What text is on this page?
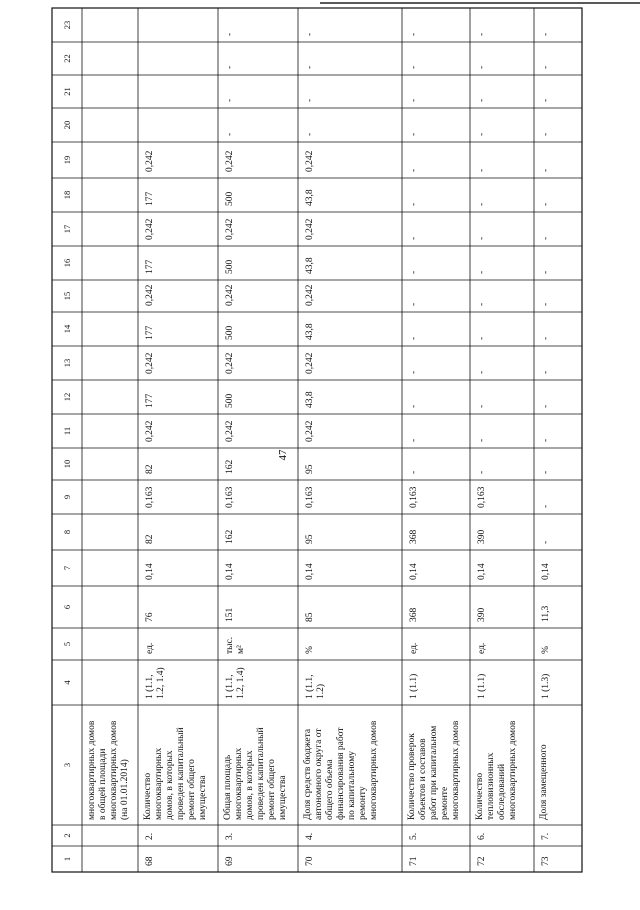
1
2
3
4
5
6
7
8
9
10
11
12
13
14
15
16
17
18
19
20
21
22
23
47
многоквартирных домов в общей площади многоквартирных домов (на 01.01.2014)
68
2.
Количество многоквартирных домов, в которых проведен капитальный ремонт общего имущества
1 (1.1, 1.2, 1.4)
ед.
76
0,14
82
0,163
82
0,242
177
0,242
177
0,242
177
0,242
177
0,242
69
3.
Общая площадь многоквартирных домов, в которых проведен капитальный ремонт общего имущества
1 (1.1, 1.2, 1.4)
тыс. м²
151
0,14
162
0,163
162
0,242
500
0,242
500
0,242
500
0,242
500
0,242
-
-
-
-
70
4.
Доля средств бюджета автономного округа от общего объема финансирования работ по капитальному ремонту многоквартирных домов
1 (1.1, 1.2)
%
85
0,14
95
0,163
95
0,242
43,8
0,242
43,8
0,242
43,8
0,242
43,8
0,242
-
-
-
-
71
5.
Количество проверок объектов и составов работ при капитальном ремонте многоквартирных домов
1 (1.1)
ед.
368
0,14
368
0,163
-
-
-
-
-
-
-
-
-
-
-
-
-
-
72
6.
Количество тепловизионных обследований многоквартирных домов
1 (1.1)
ед.
390
0,14
390
0,163
-
-
-
-
-
-
-
-
-
-
-
-
-
-
73
7.
Доля замещенного
1 (1.3)
%
11,3
0,14
-
-
-
-
-
-
-
-
-
-
-
-
-
-
-
-
